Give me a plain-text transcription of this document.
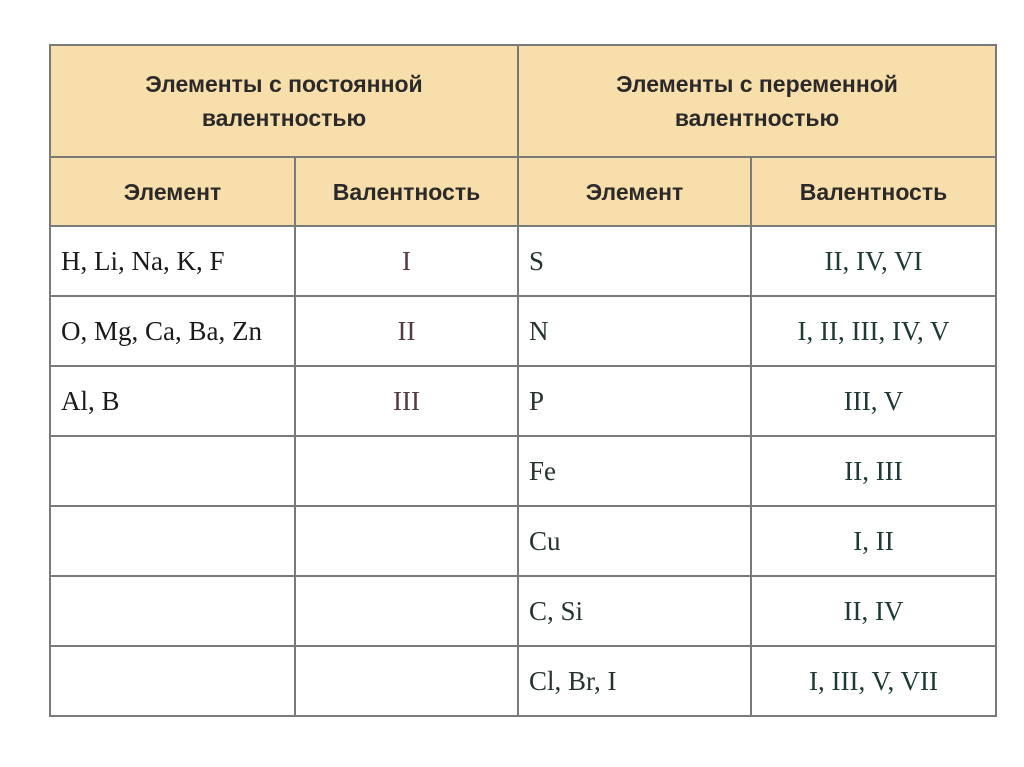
Элементы с постоянной валентностью		Элементы с переменной валентностью	
Элемент	Валентность	Элемент	Валентность
H, Li, Na, K, F	I	S	II, IV, VI
O, Mg, Ca, Ba, Zn	II	N	I, II, III, IV, V
Al, B	III	P	III, V
		Fe	II, III
		Cu	I, II
		C, Si	II, IV
		Cl, Br, I	I, III, V, VII
